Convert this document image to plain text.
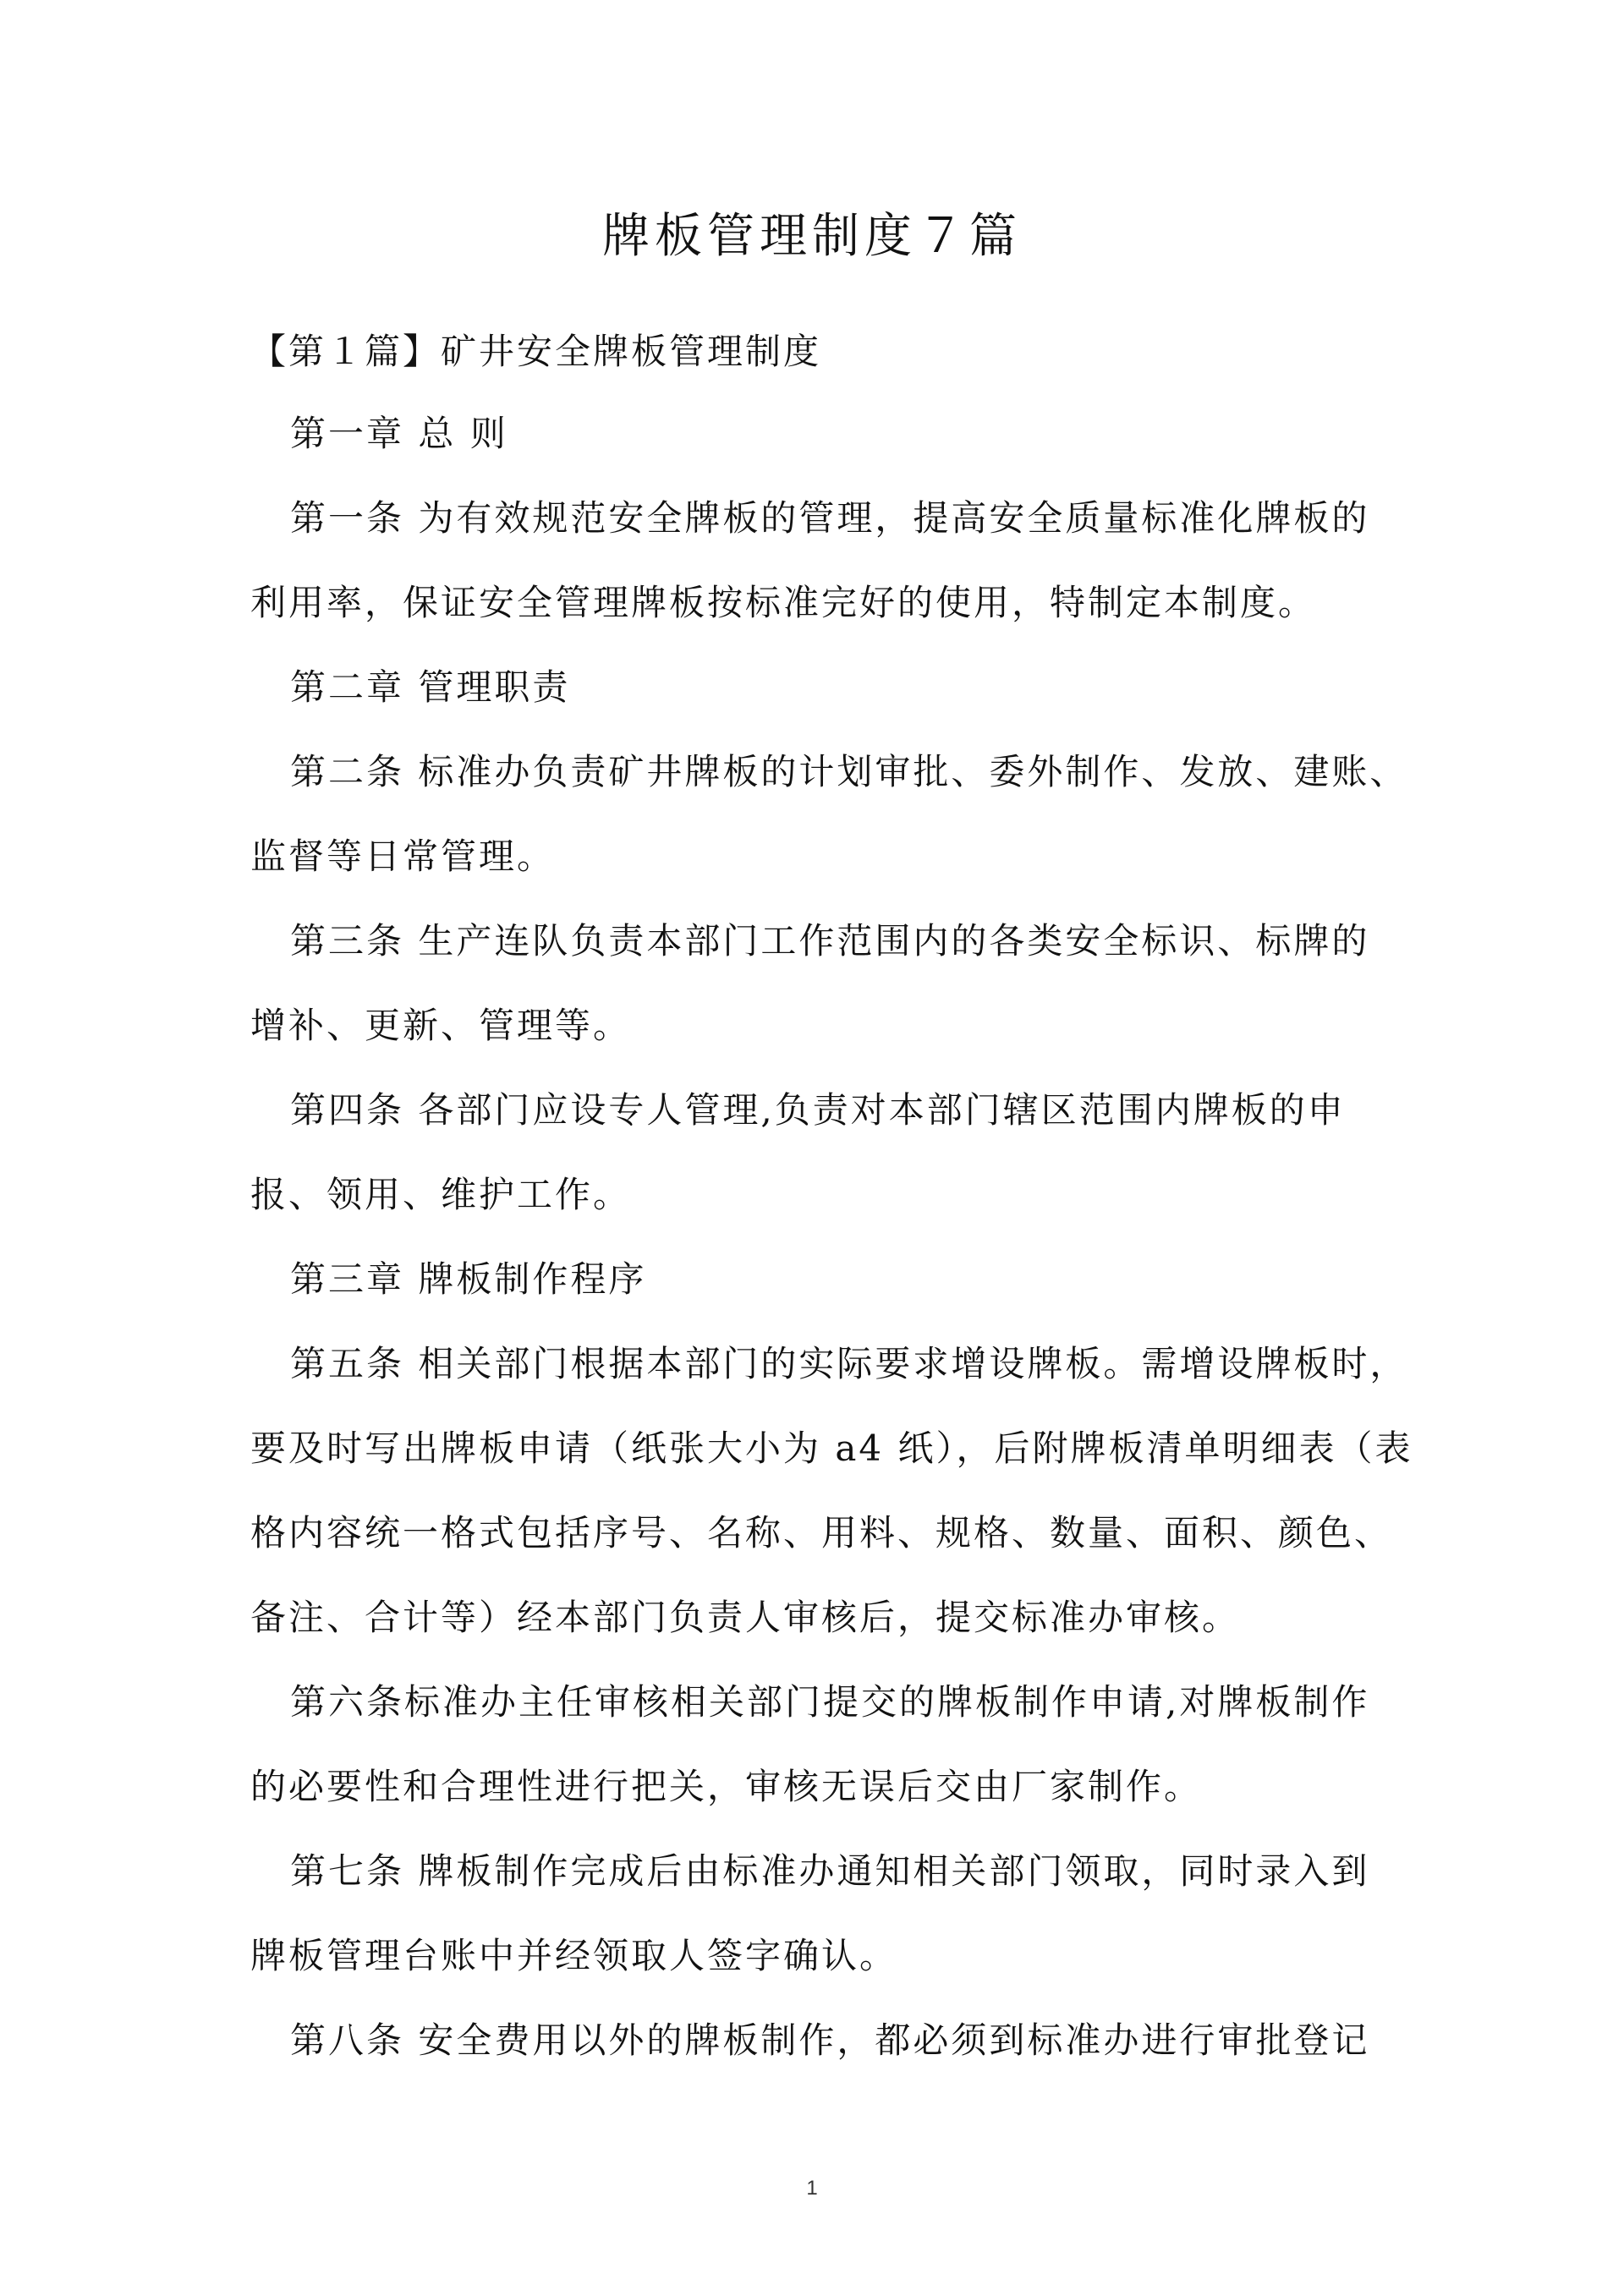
牌板管理制度７篇
【第１篇】矿井安全牌板管理制度
第一章 总 则
第一条 为有效规范安全牌板的管理，提高安全质量标准化牌板的
利用率，保证安全管理牌板按标准完好的使用，特制定本制度。
第二章 管理职责
第二条 标准办负责矿井牌板的计划审批、委外制作、发放、建账、
监督等日常管理。
第三条 生产连队负责本部门工作范围内的各类安全标识、标牌的
增补、更新、管理等。
第四条 各部门应设专人管理,负责对本部门辖区范围内牌板的申
报、领用、维护工作。
第三章 牌板制作程序
第五条 相关部门根据本部门的实际要求增设牌板。需增设牌板时，
要及时写出牌板申请（纸张大小为 a4 纸），后附牌板清单明细表（表
格内容统一格式包括序号、名称、用料、规格、数量、面积、颜色、
备注、合计等）经本部门负责人审核后，提交标准办审核。
第六条标准办主任审核相关部门提交的牌板制作申请,对牌板制作
的必要性和合理性进行把关，审核无误后交由厂家制作。
第七条 牌板制作完成后由标准办通知相关部门领取，同时录入到
牌板管理台账中并经领取人签字确认。
第八条 安全费用以外的牌板制作，都必须到标准办进行审批登记
1
